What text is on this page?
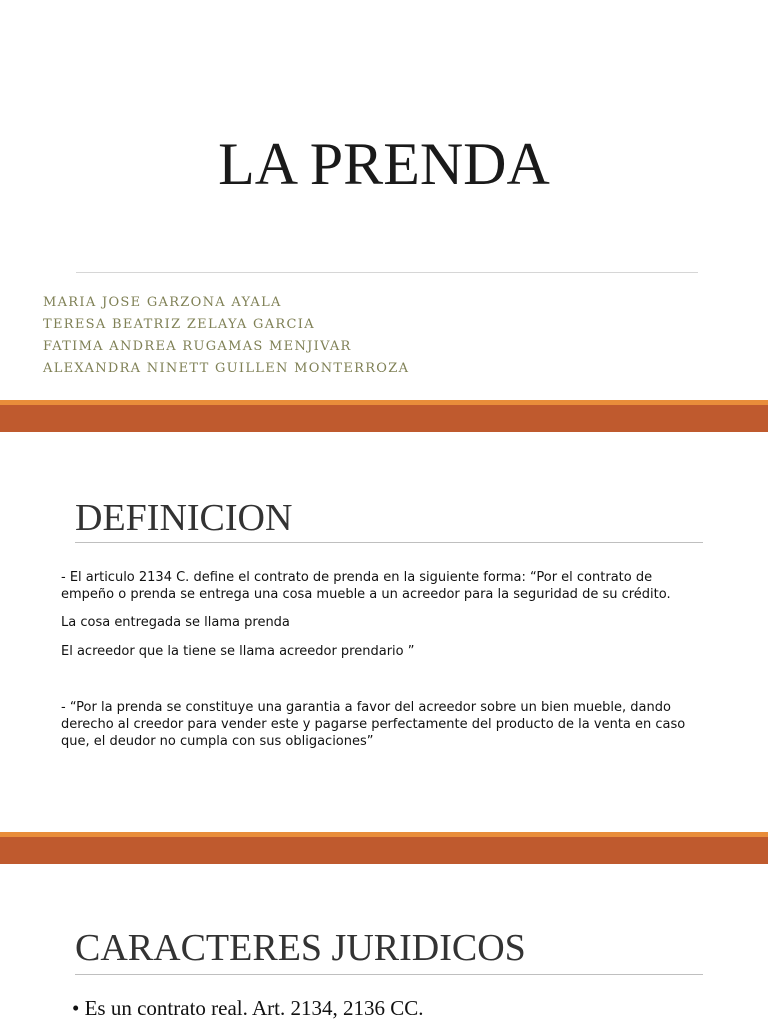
LA PRENDA
MARIA JOSE GARZONA AYALA
TERESA BEATRIZ ZELAYA GARCIA
FATIMA ANDREA RUGAMAS MENJIVAR
ALEXANDRA NINETT GUILLEN MONTERROZA
DEFINICION

- El articulo 2134 C. define el contrato de prenda en la siguiente forma: “Por el contrato de empeño o prenda se entrega una cosa mueble a un acreedor para la seguridad de su crédito.

La cosa entregada se llama prenda

El acreedor que la tiene se llama acreedor prendario ”

- “Por la prenda se constituye una garantia a favor del acreedor sobre un bien mueble, dando derecho al creedor para vender este y pagarse perfectamente del producto de la venta en caso que, el deudor no cumpla con sus obligaciones”

CARACTERES JURIDICOS

• Es un contrato real. Art. 2134, 2136 CC.
